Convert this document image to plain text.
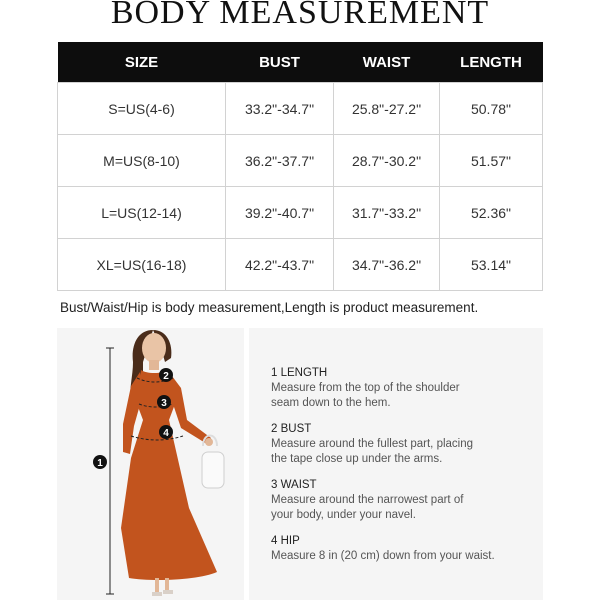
BODY MEASUREMENT
SIZE	BUST	WAIST	LENGTH
S=US(4-6)	33.2"-34.7"	25.8"-27.2"	50.78"
M=US(8-10)	36.2"-37.7"	28.7"-30.2"	51.57"
L=US(12-14)	39.2"-40.7"	31.7"-33.2"	52.36"
XL=US(16-18)	42.2"-43.7"	34.7"-36.2"	53.14"
Bust/Waist/Hip is body measurement,Length is product measurement.
1
2
3
4
1 LENGTH
Measure from the top of the shoulder
seam down to the hem.
2 BUST
Measure around the fullest part, placing
the tape close up under the arms.
3 WAIST
Measure around the narrowest part of
your body, under your navel.
4 HIP
Measure 8 in (20 cm) down from your waist.
